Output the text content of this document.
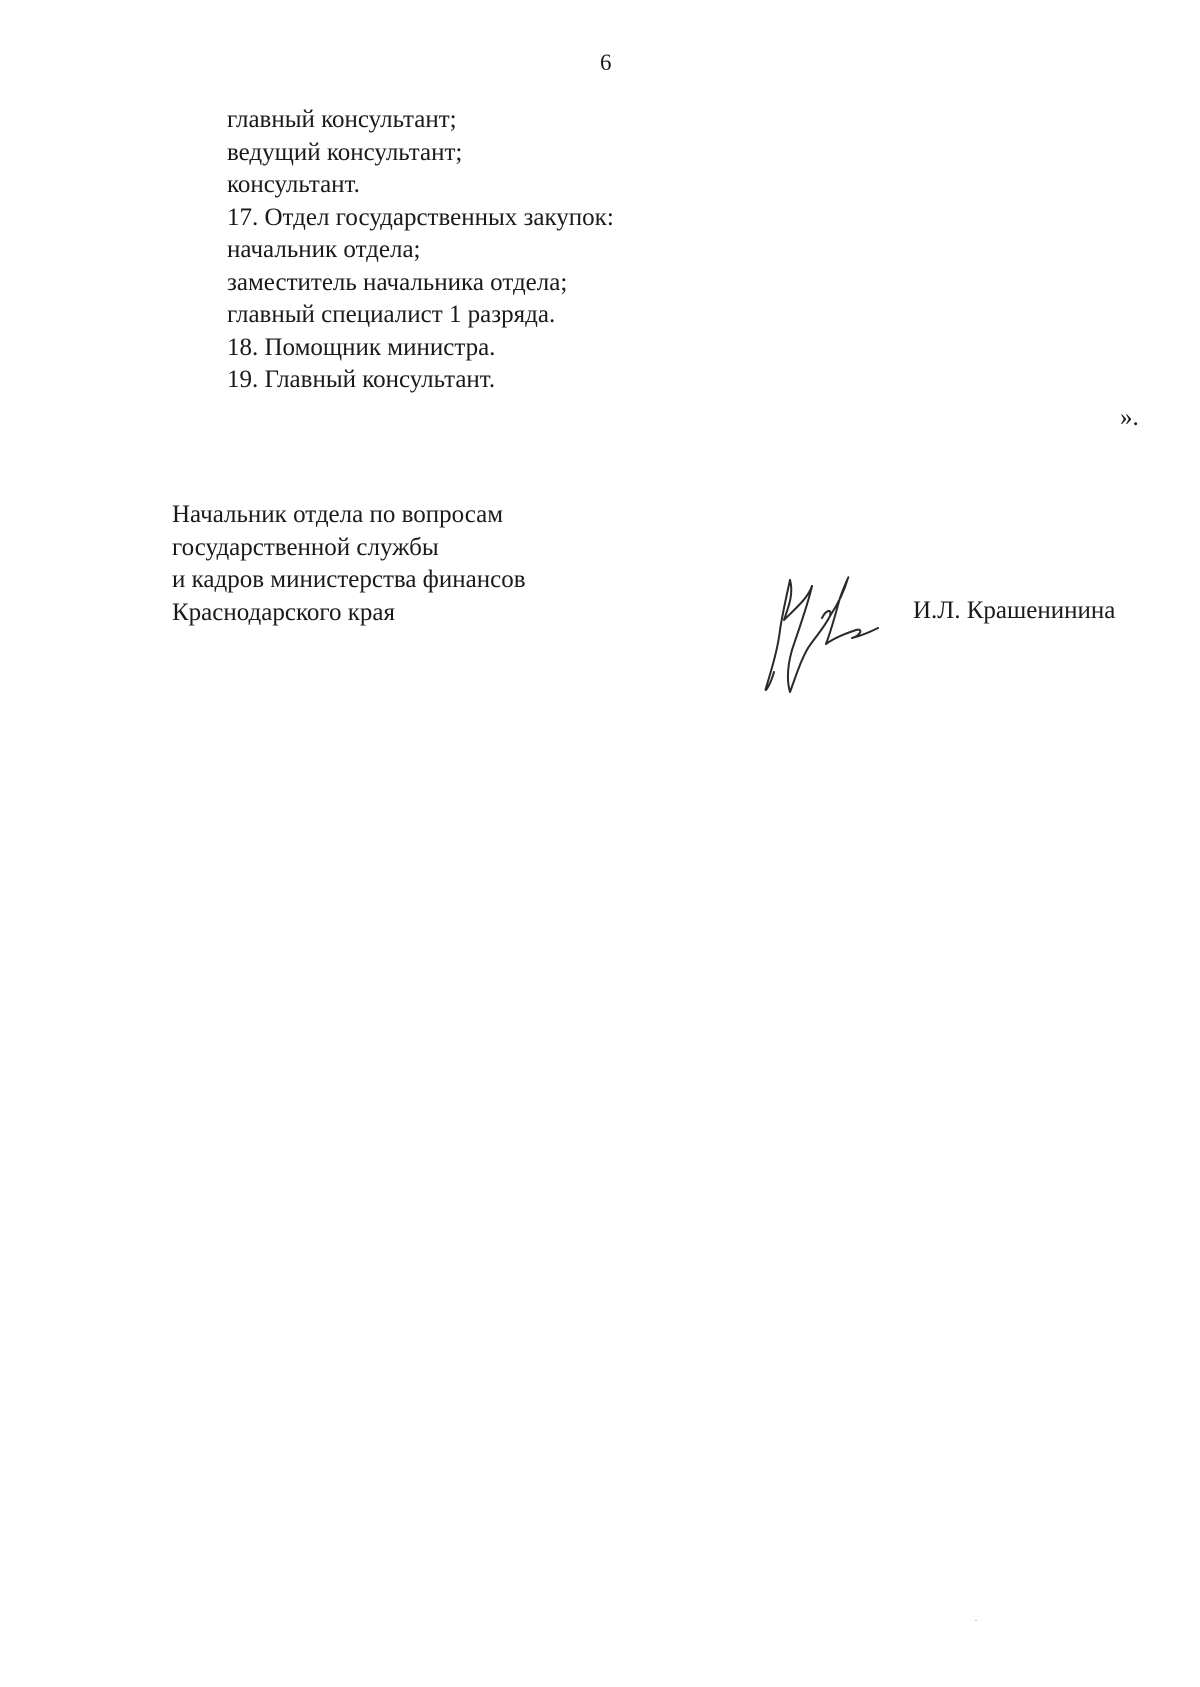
6
главный консультант;
ведущий консультант;
консультант.
17. Отдел государственных закупок:
начальник отдела;
заместитель начальника отдела;
главный специалист 1 разряда.
18. Помощник министра.
19. Главный консультант.
».
Начальник отдела по вопросам
государственной службы
и кадров министерства финансов
Краснодарского края	И.Л. Крашенинина
